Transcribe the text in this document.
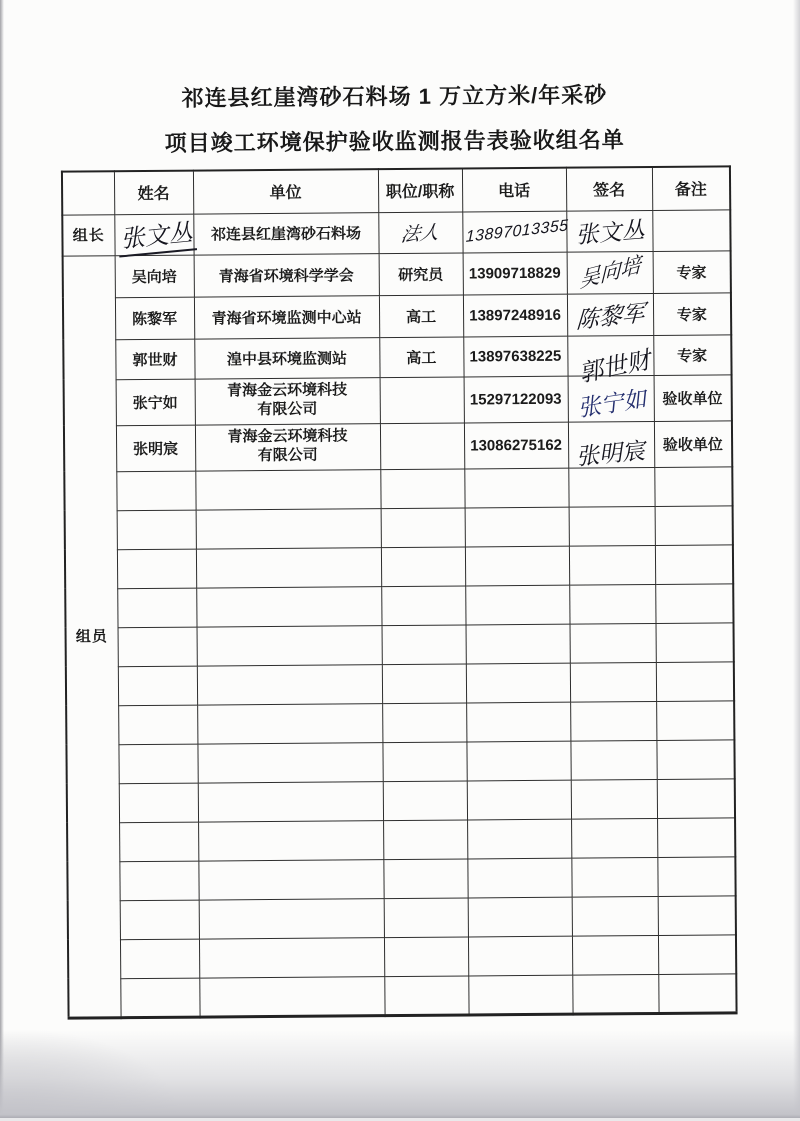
祁连县红崖湾砂石料场 1 万立方米/年采砂
项目竣工环境保护验收监测报告表验收组名单
	姓名	单位	职位/职称	电话	签名	备注
组长	张文丛	祁连县红崖湾砂石料场	法人	13897013355	张文丛	
组员	吴向培	青海省环境科学学会	研究员	13909718829	吴向培	专家
	陈黎军	青海省环境监测中心站	高工	13897248916	陈黎军	专家
	郭世财	湟中县环境监测站	高工	13897638225	郭世财	专家
	张宁如	青海金云环境科技
有限公司		15297122093	张宁如	验收单位
	张明宸	青海金云环境科技
有限公司		13086275162	张明宸	验收单位
